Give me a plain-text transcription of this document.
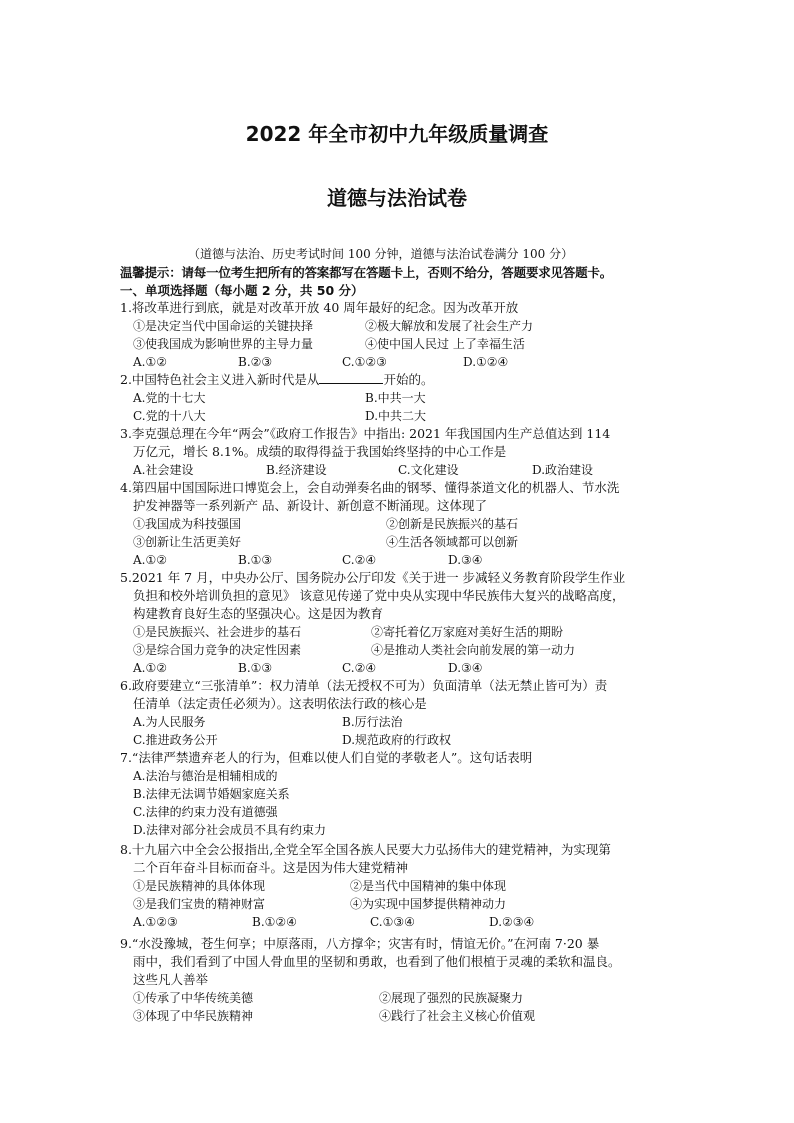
2022 年全市初中九年级质量调查
道德与法治试卷
（道德与法治、历史考试时间 100 分钟，道德与法治试卷满分 100 分）
温馨提示：请每一位考生把所有的答案都写在答题卡上，否则不给分，答题要求见答题卡。
一、单项选择题（每小题 2 分，共 50 分）
1.将改革进行到底，就是对改革开放 40 周年最好的纪念。因为改革开放
①是决定当代中国命运的关键抉择	②极大解放和发展了社会生产力
③使我国成为影响世界的主导力量	④使中国人民过 上了幸福生活
A.①②	B.②③	C.①②③	D.①②④
2.中国特色社会主义进入新时代是从	开始的。
A.党的十七大	B.中共一大
C.党的十八大	D.中共二大
3.李克强总理在今年“两会”《政府工作报告》中指出: 2021 年我国国内生产总值达到 114
万亿元，增长 8.1%。成绩的取得得益于我国始终坚持的中心工作是
A.社会建设	B.经济建设	C.文化建设	D.政治建设
4.第四届中国国际进口博览会上，会自动弹奏名曲的钢琴、懂得茶道文化的机器人、节水洗
护发神器等一系列新产 品、新设计、新创意不断涌现。这体现了
①我国成为科技强国	②创新是民族振兴的基石
③创新让生活更美好	④生活各领域都可以创新
A.①②	B.①③	C.②④	D.③④
5.2021 年 7 月，中央办公厅、国务院办公厅印发《关于进一 步减轻义务教育阶段学生作业
负担和校外培训负担的意见》 该意见传递了党中央从实现中华民族伟大复兴的战略高度，
构建教育良好生态的坚强决心。这是因为教育
①是民族振兴、社会进步的基石	②寄托着亿万家庭对美好生活的期盼
③是综合国力竞争的决定性因素	④是推动人类社会向前发展的第一动力
A.①②	B.①③	C.②④	D.③④
6.政府要建立“三张清单”：权力清单（法无授权不可为）负面清单（法无禁止皆可为）责
任清单（法定责任必须为）。这表明依法行政的核心是
A.为人民服务	B.厉行法治
C.推进政务公开	D.规范政府的行政权
7.“法律严禁遗弃老人的行为，但难以使人们自觉的孝敬老人”。这句话表明
A.法治与德治是相辅相成的
B.法律无法调节婚姻家庭关系
C.法律的约束力没有道德强
D.法律对部分社会成员不具有约束力
8.十九届六中全会公报指出,全党全军全国各族人民要大力弘扬伟大的建党精神，为实现第
二个百年奋斗目标而奋斗。这是因为伟大建党精神
①是民族精神的具体体现	②是当代中国精神的集中体现
③是我们宝贵的精神财富	④为实现中国梦提供精神动力
A.①②③	B.①②④	C.①③④	D.②③④
9.“水没豫城，苍生何享；中原落雨，八方撑伞；灾害有时，情谊无价。”在河南 7·20 暴
雨中，我们看到了中国人骨血里的坚韧和勇敢，也看到了他们根植于灵魂的柔软和温良。
这些凡人善举
①传承了中华传统美德	②展现了强烈的民族凝聚力
③体现了中华民族精神	④践行了社会主义核心价值观
